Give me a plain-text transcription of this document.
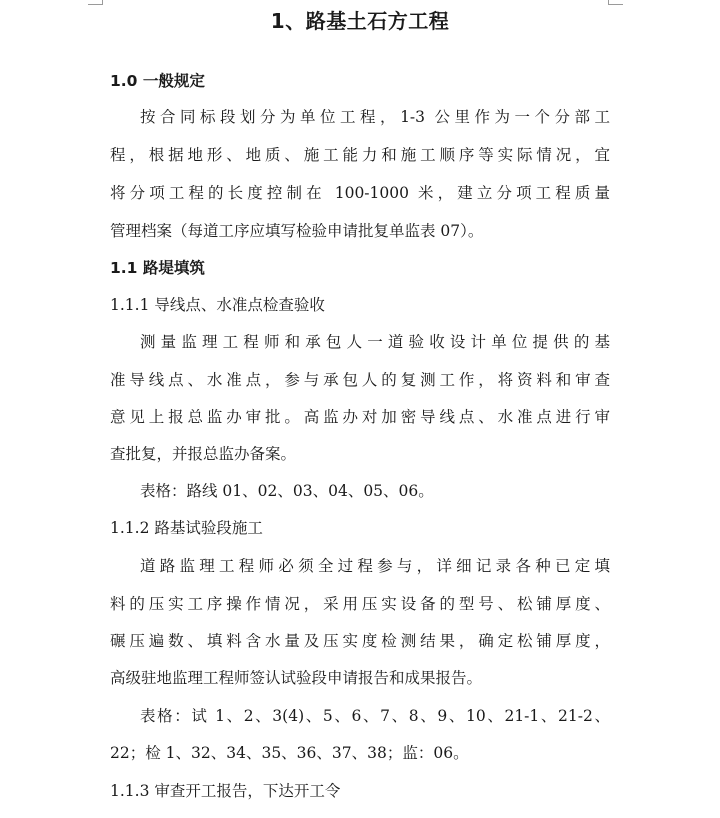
1、路基土石方工程
1.0 一般规定
按合同标段划分为单位工程，1-3 公里作为一个分部工
程，根据地形、地质、施工能力和施工顺序等实际情况，宜
将分项工程的长度控制在 100-1000 米，建立分项工程质量
管理档案（每道工序应填写检验申请批复单监表 07）。
1.1 路堤填筑
1.1.1 导线点、水准点检查验收
测量监理工程师和承包人一道验收设计单位提供的基
准导线点、水准点，参与承包人的复测工作，将资料和审查
意见上报总监办审批。高监办对加密导线点、水准点进行审
查批复，并报总监办备案。
表格：路线 01、02、03、04、05、06。
1.1.2 路基试验段施工
道路监理工程师必须全过程参与，详细记录各种已定填
料的压实工序操作情况，采用压实设备的型号、松铺厚度、
碾压遍数、填料含水量及压实度检测结果，确定松铺厚度，
高级驻地监理工程师签认试验段申请报告和成果报告。
表格：试 1、2、3(4)、5、6、7、8、9、10、21-1、21-2、
22；检 1、32、34、35、36、37、38；监：06。
1.1.3 审查开工报告，下达开工令
